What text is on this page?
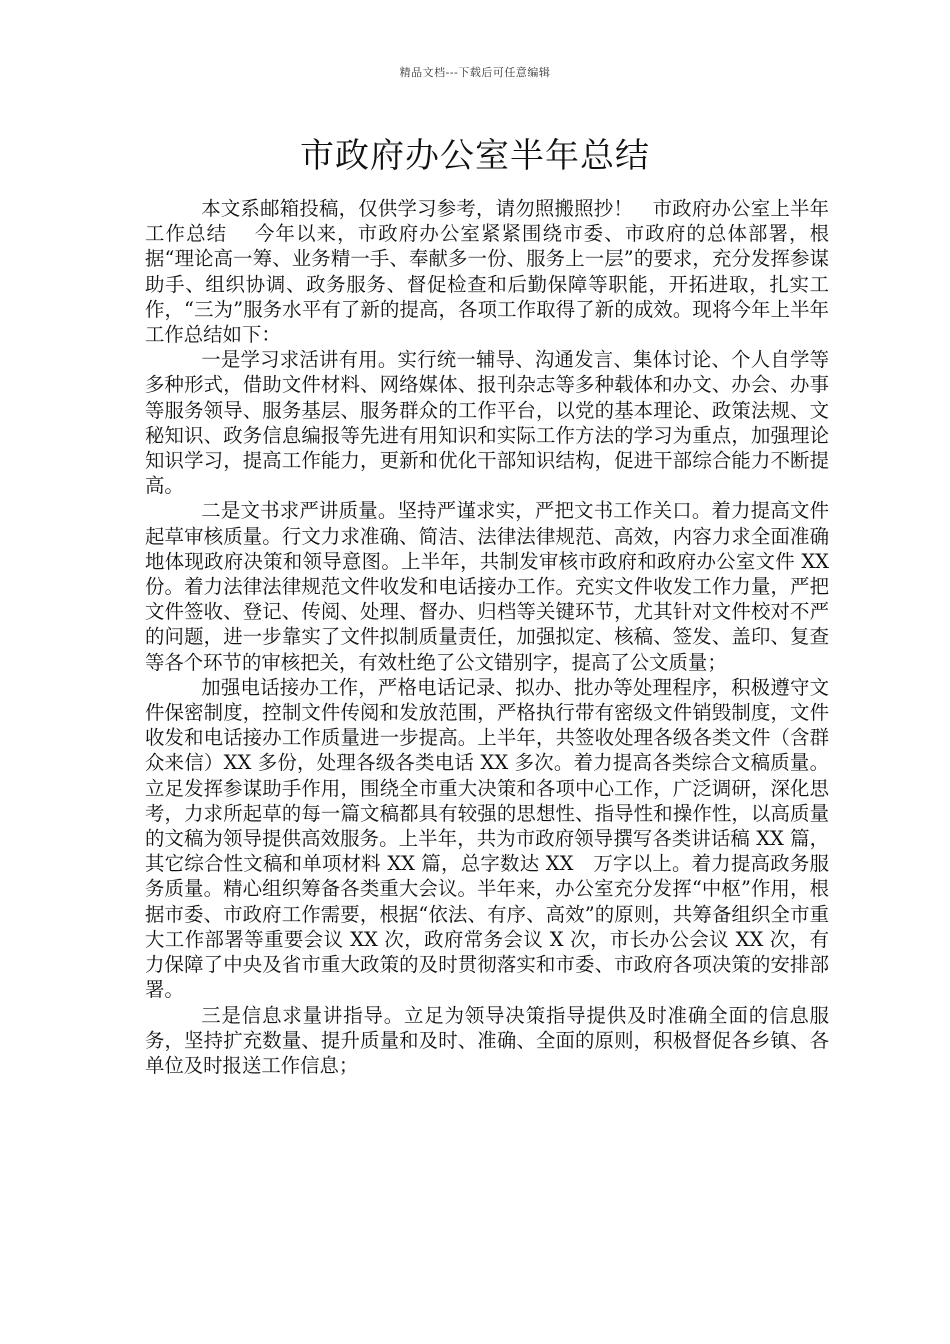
精品文档---下载后可任意编辑
市政府办公室半年总结

本文系邮箱投稿，仅供学习参考，请勿照搬照抄！　市政府办公室上半年工作总结　 今年以来，市政府办公室紧紧围绕市委、市政府的总体部署，根据“理论高一筹、业务精一手、奉献多一份、服务上一层”的要求，充分发挥参谋助手、组织协调、政务服务、督促检查和后勤保障等职能，开拓进取，扎实工作，“三为”服务水平有了新的提高，各项工作取得了新的成效。现将今年上半年工作总结如下：

一是学习求活讲有用。实行统一辅导、沟通发言、集体讨论、个人自学等多种形式，借助文件材料、网络媒体、报刊杂志等多种载体和办文、办会、办事等服务领导、服务基层、服务群众的工作平台，以党的基本理论、政策法规、文秘知识、政务信息编报等先进有用知识和实际工作方法的学习为重点，加强理论知识学习，提高工作能力，更新和优化干部知识结构，促进干部综合能力不断提高。

二是文书求严讲质量。坚持严谨求实，严把文书工作关口。着力提高文件起草审核质量。行文力求准确、简洁、法律法律规范、高效，内容力求全面准确地体现政府决策和领导意图。上半年，共制发审核市政府和政府办公室文件 XX 份。着力法律法律规范文件收发和电话接办工作。充实文件收发工作力量，严把文件签收、登记、传阅、处理、督办、归档等关键环节，尤其针对文件校对不严的问题，进一步靠实了文件拟制质量责任，加强拟定、核稿、签发、盖印、复查等各个环节的审核把关，有效杜绝了公文错别字，提高了公文质量；

加强电话接办工作，严格电话记录、拟办、批办等处理程序，积极遵守文件保密制度，控制文件传阅和发放范围，严格执行带有密级文件销毁制度，文件收发和电话接办工作质量进一步提高。上半年，共签收处理各级各类文件（含群众来信）XX 多份，处理各级各类电话 XX 多次。着力提高各类综合文稿质量。立足发挥参谋助手作用，围绕全市重大决策和各项中心工作，广泛调研，深化思考，力求所起草的每一篇文稿都具有较强的思想性、指导性和操作性，以高质量的文稿为领导提供高效服务。上半年，共为市政府领导撰写各类讲话稿 XX 篇，其它综合性文稿和单项材料 XX 篇，总字数达 XX　万字以上。着力提高政务服务质量。精心组织筹备各类重大会议。半年来，办公室充分发挥“中枢”作用，根据市委、市政府工作需要，根据“依法、有序、高效”的原则，共筹备组织全市重大工作部署等重要会议 XX 次，政府常务会议 X 次，市长办公会议 XX 次，有力保障了中央及省市重大政策的及时贯彻落实和市委、市政府各项决策的安排部署。

三是信息求量讲指导。立足为领导决策指导提供及时准确全面的信息服务，坚持扩充数量、提升质量和及时、准确、全面的原则，积极督促各乡镇、各单位及时报送工作信息；
